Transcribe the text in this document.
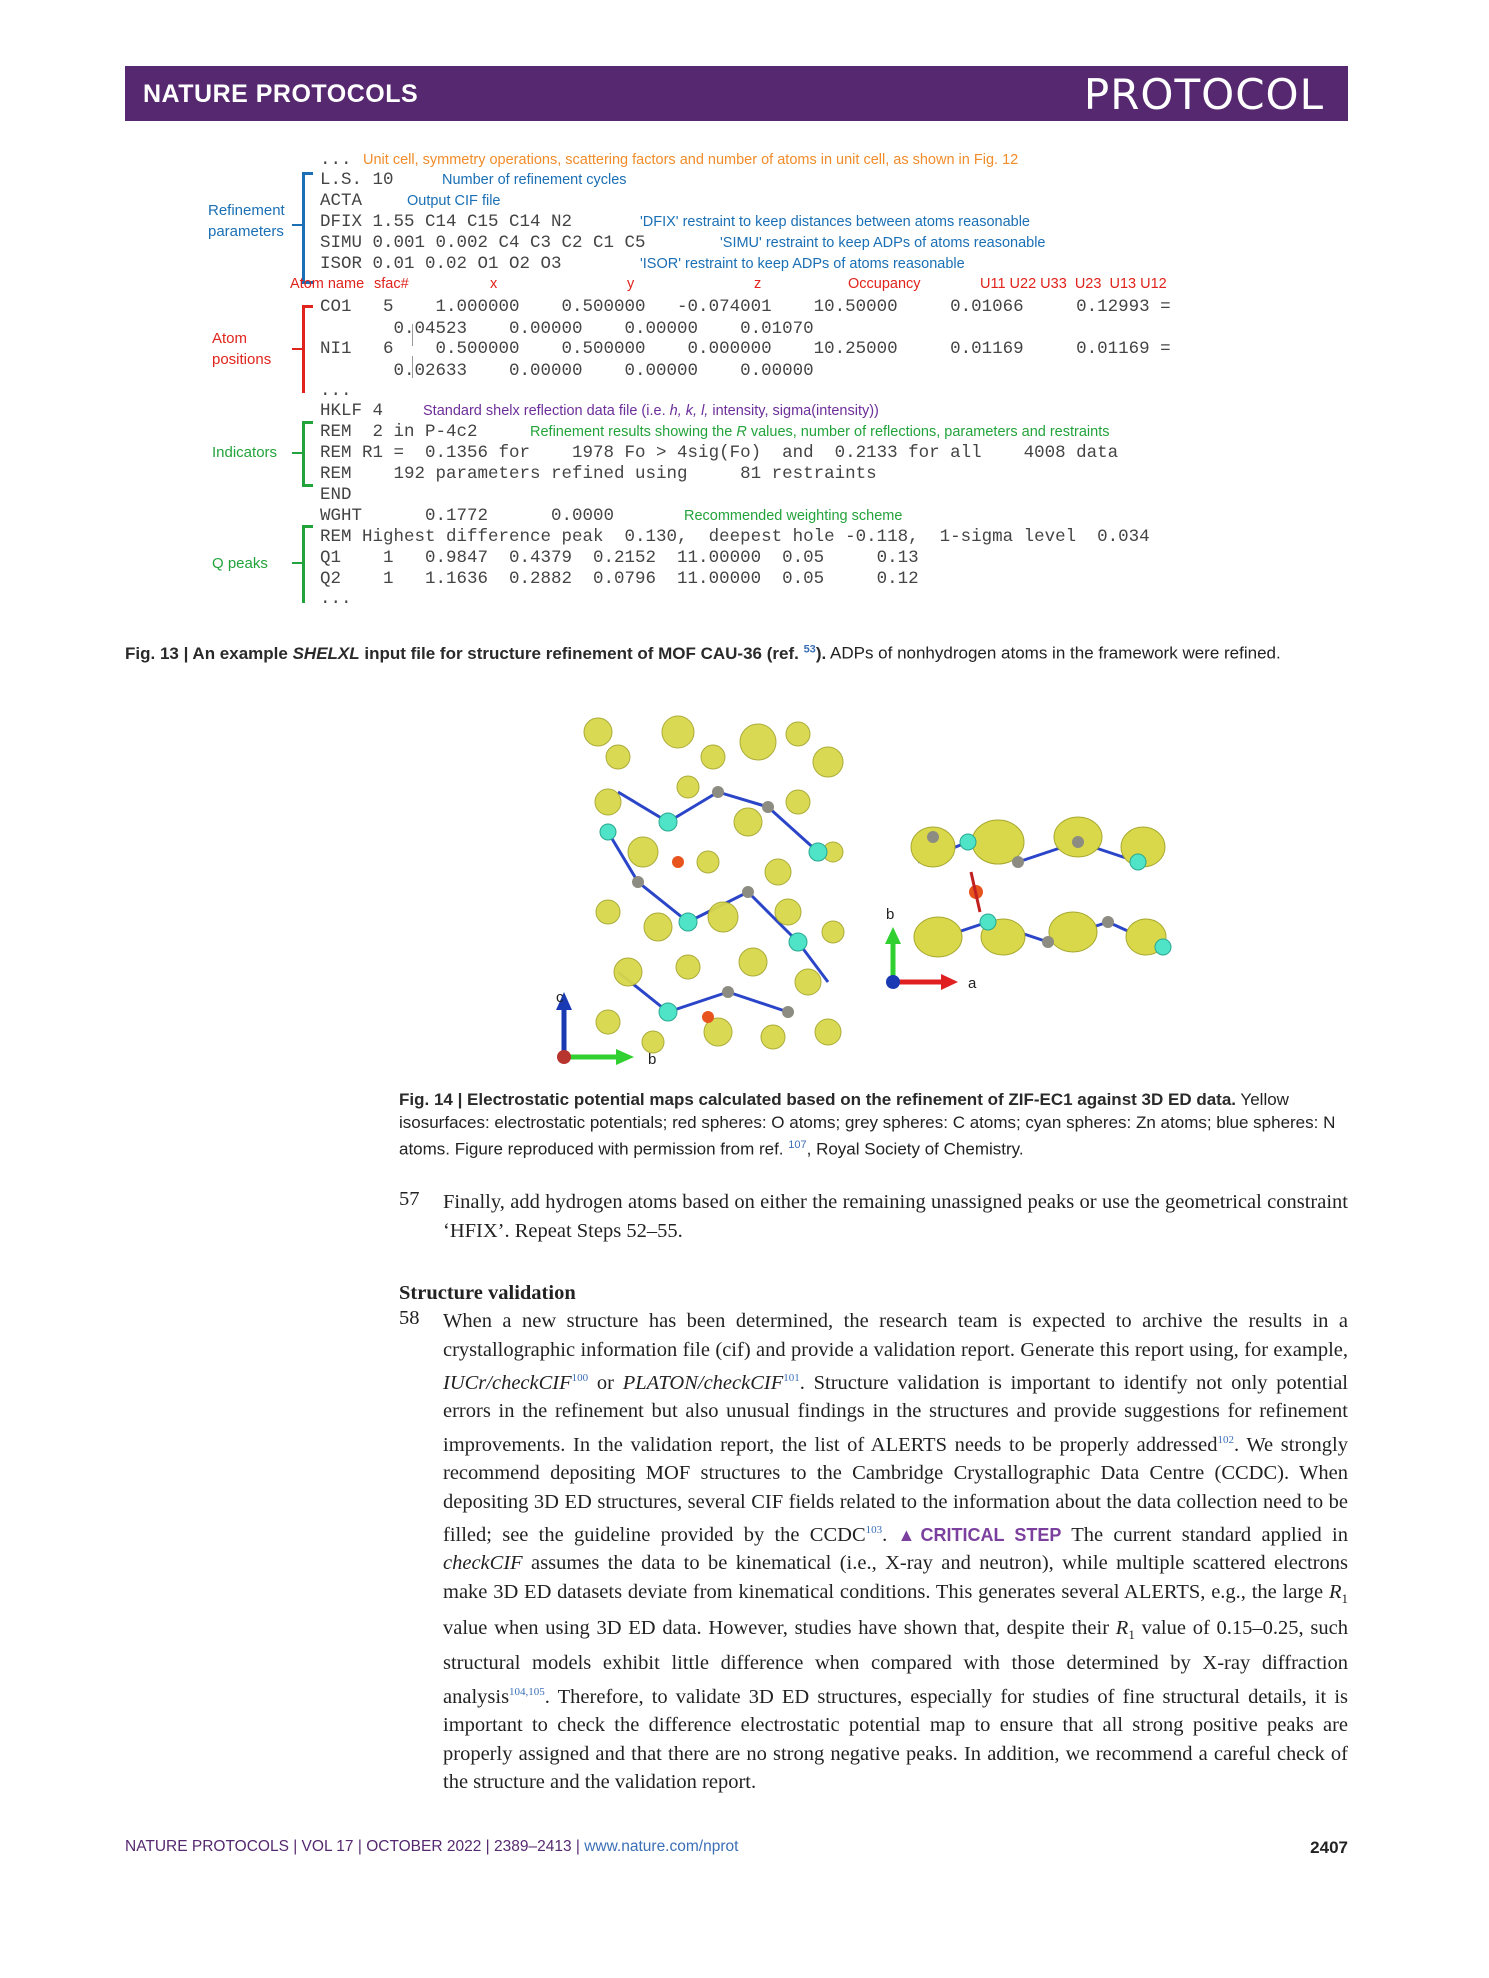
NATURE PROTOCOLS	PROTOCOL
Refinement
parameters
Atom
positions
Indicators
Q peaks
... Unit cell, symmetry operations, scattering factors and number of atoms in unit cell, as shown in Fig. 12
L.S. 10	Number of refinement cycles
ACTA	Output CIF file
DFIX 1.55 C14 C15 C14 N2	'DFIX' restraint to keep distances between atoms reasonable
SIMU 0.001 0.002 C4 C3 C2 C1 C5	'SIMU' restraint to keep ADPs of atoms reasonable
ISOR 0.01 0.02 O1 O2 O3	'ISOR' restraint to keep ADPs of atoms reasonable
Atom name sfac#	x	y	z	Occupancy	U11 U22 U33  U23  U13 U12
CO1   5    1.000000    0.500000   -0.074001    10.50000     0.01066     0.12993 =
0.04523    0.00000    0.00000    0.01070
NI1   6    0.500000    0.500000    0.000000    10.25000     0.01169     0.01169 =
0.02633    0.00000    0.00000    0.00000
...
HKLF 4	Standard shelx reflection data file (i.e. h, k, l, intensity, sigma(intensity))
REM  2 in P-4c2	Refinement results showing the R values, number of reflections, parameters and restraints
REM R1 =  0.1356 for    1978 Fo > 4sig(Fo)  and  0.2133 for all    4008 data
REM    192 parameters refined using     81 restraints
END
WGHT      0.1772      0.0000	Recommended weighting scheme
REM Highest difference peak  0.130,  deepest hole -0.118,  1-sigma level  0.034
Q1    1   0.9847  0.4379  0.2152  11.00000  0.05     0.13
Q2    1   1.1636  0.2882  0.0796  11.00000  0.05     0.12
...
Fig. 13 | An example SHELXL input file for structure refinement of MOF CAU-36 (ref. $^{53}$). ADPs of nonhydrogen atoms in the framework were refined.
c
b
b
a
Fig. 14 | Electrostatic potential maps calculated based on the refinement of ZIF-EC1 against 3D ED data. Yellow isosurfaces: electrostatic potentials; red spheres: O atoms; grey spheres: C atoms; cyan spheres: Zn atoms; blue spheres: N atoms. Figure reproduced with permission from ref. $^{107}$, Royal Society of Chemistry.
57 Finally, add hydrogen atoms based on either the remaining unassigned peaks or use the geometrical constraint ‘HFIX’. Repeat Steps 52–55.
Structure validation
58 When a new structure has been determined, the research team is expected to archive the results in a crystallographic information file (cif) and provide a validation report. Generate this report using, for example, IUCr/checkCIF$^{100}$ or PLATON/checkCIF$^{101}$. Structure validation is important to identify not only potential errors in the refinement but also unusual findings in the structures and provide suggestions for refinement improvements. In the validation report, the list of ALERTS needs to be properly addressed$^{102}$. We strongly recommend depositing MOF structures to the Cambridge Crystallographic Data Centre (CCDC). When depositing 3D ED structures, several CIF fields related to the information about the data collection need to be filled; see the guideline provided by the CCDC$^{103}$. ▲CRITICAL STEP The current standard applied in checkCIF assumes the data to be kinematical (i.e., X-ray and neutron), while multiple scattered electrons make 3D ED datasets deviate from kinematical conditions. This generates several ALERTS, e.g., the large $R_1$ value when using 3D ED data. However, studies have shown that, despite their $R_1$ value of 0.15–0.25, such structural models exhibit little difference when compared with those determined by X-ray diffraction analysis$^{104,105}$. Therefore, to validate 3D ED structures, especially for studies of fine structural details, it is important to check the difference electrostatic potential map to ensure that all strong positive peaks are properly assigned and that there are no strong negative peaks. In addition, we recommend a careful check of the structure and the validation report.
NATURE PROTOCOLS | VOL 17 | OCTOBER 2022 | 2389–2413 | www.nature.com/nprot	2407
